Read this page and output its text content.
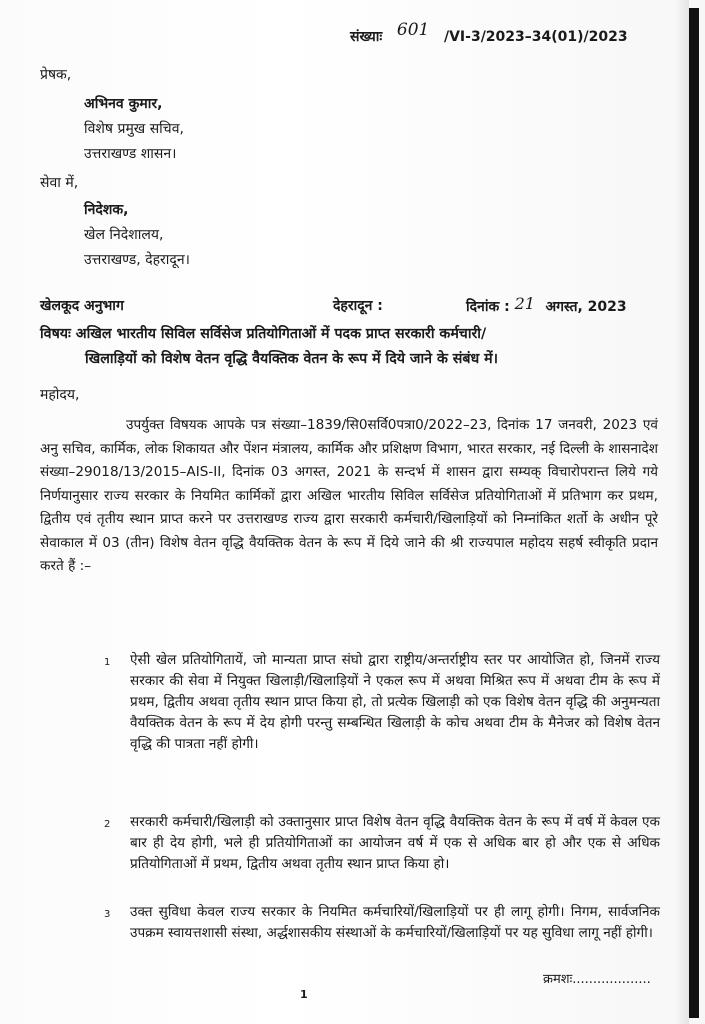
संख्याः 601 /VI-3/2023–34(01)/2023
प्रेषक,
अभिनव कुमार,
विशेष प्रमुख सचिव,
उत्तराखण्ड शासन।
सेवा में,
निदेशक,
खेल निदेशालय,
उत्तराखण्ड, देहरादून।
खेलकूद अनुभाग	देहरादून :	दिनांक : 21 अगस्त, 2023
विषयः अखिल भारतीय सिविल सर्विसेज प्रतियोगिताओं में पदक प्राप्त सरकारी कर्मचारी/
खिलाड़ियों को विशेष वेतन वृद्धि वैयक्तिक वेतन के रूप में दिये जाने के संबंध में।
महोदय,
उपर्युक्त विषयक आपके पत्र संख्या–1839/सि0सर्वि0पत्रा0/2022–23, दिनांक 17 जनवरी, 2023 एवं अनु सचिव, कार्मिक, लोक शिकायत और पेंशन मंत्रालय, कार्मिक और प्रशिक्षण विभाग, भारत सरकार, नई दिल्ली के शासनादेश संख्या–29018/13/2015–AIS-II, दिनांक 03 अगस्त, 2021 के सन्दर्भ में शासन द्वारा सम्यक् विचारोपरान्त लिये गये निर्णयानुसार राज्य सरकार के नियमित कार्मिकों द्वारा अखिल भारतीय सिविल सर्विसेज प्रतियोगिताओं में प्रतिभाग कर प्रथम, द्वितीय एवं तृतीय स्थान प्राप्त करने पर उत्तराखण्ड राज्य द्वारा सरकारी कर्मचारी/खिलाड़ियों को निम्नांकित शर्तो के अधीन पूरे सेवाकाल में 03 (तीन) विशेष वेतन वृद्धि वैयक्तिक वेतन के रूप में दिये जाने की श्री राज्यपाल महोदय सहर्ष स्वीकृति प्रदान करते हैं :–
1 ऐसी खेल प्रतियोगितायें, जो मान्यता प्राप्त संघो द्वारा राष्ट्रीय/अन्तर्राष्ट्रीय स्तर पर आयोजित हो, जिनमें राज्य सरकार की सेवा में नियुक्त खिलाड़ी/खिलाड़ियों ने एकल रूप में अथवा मिश्रित रूप में अथवा टीम के रूप में प्रथम, द्वितीय अथवा तृतीय स्थान प्राप्त किया हो, तो प्रत्येक खिलाड़ी को एक विशेष वेतन वृद्धि की अनुमन्यता वैयक्तिक वेतन के रूप में देय होगी परन्तु सम्बन्धित खिलाड़ी के कोच अथवा टीम के मैनेजर को विशेष वेतन वृद्धि की पात्रता नहीं होगी।
2 सरकारी कर्मचारी/खिलाड़ी को उक्तानुसार प्राप्त विशेष वेतन वृद्धि वैयक्तिक वेतन के रूप में वर्ष में केवल एक बार ही देय होगी, भले ही प्रतियोगिताओं का आयोजन वर्ष में एक से अधिक बार हो और एक से अधिक प्रतियोगिताओं में प्रथम, द्वितीय अथवा तृतीय स्थान प्राप्त किया हो।
3 उक्त सुविधा केवल राज्य सरकार के नियमित कर्मचारियों/खिलाड़ियों पर ही लागू होगी। निगम, सार्वजनिक उपक्रम स्वायत्तशासी संस्था, अर्द्धशासकीय संस्थाओं के कर्मचारियों/खिलाड़ियों पर यह सुविधा लागू नहीं होगी।
क्रमशः...................
1
